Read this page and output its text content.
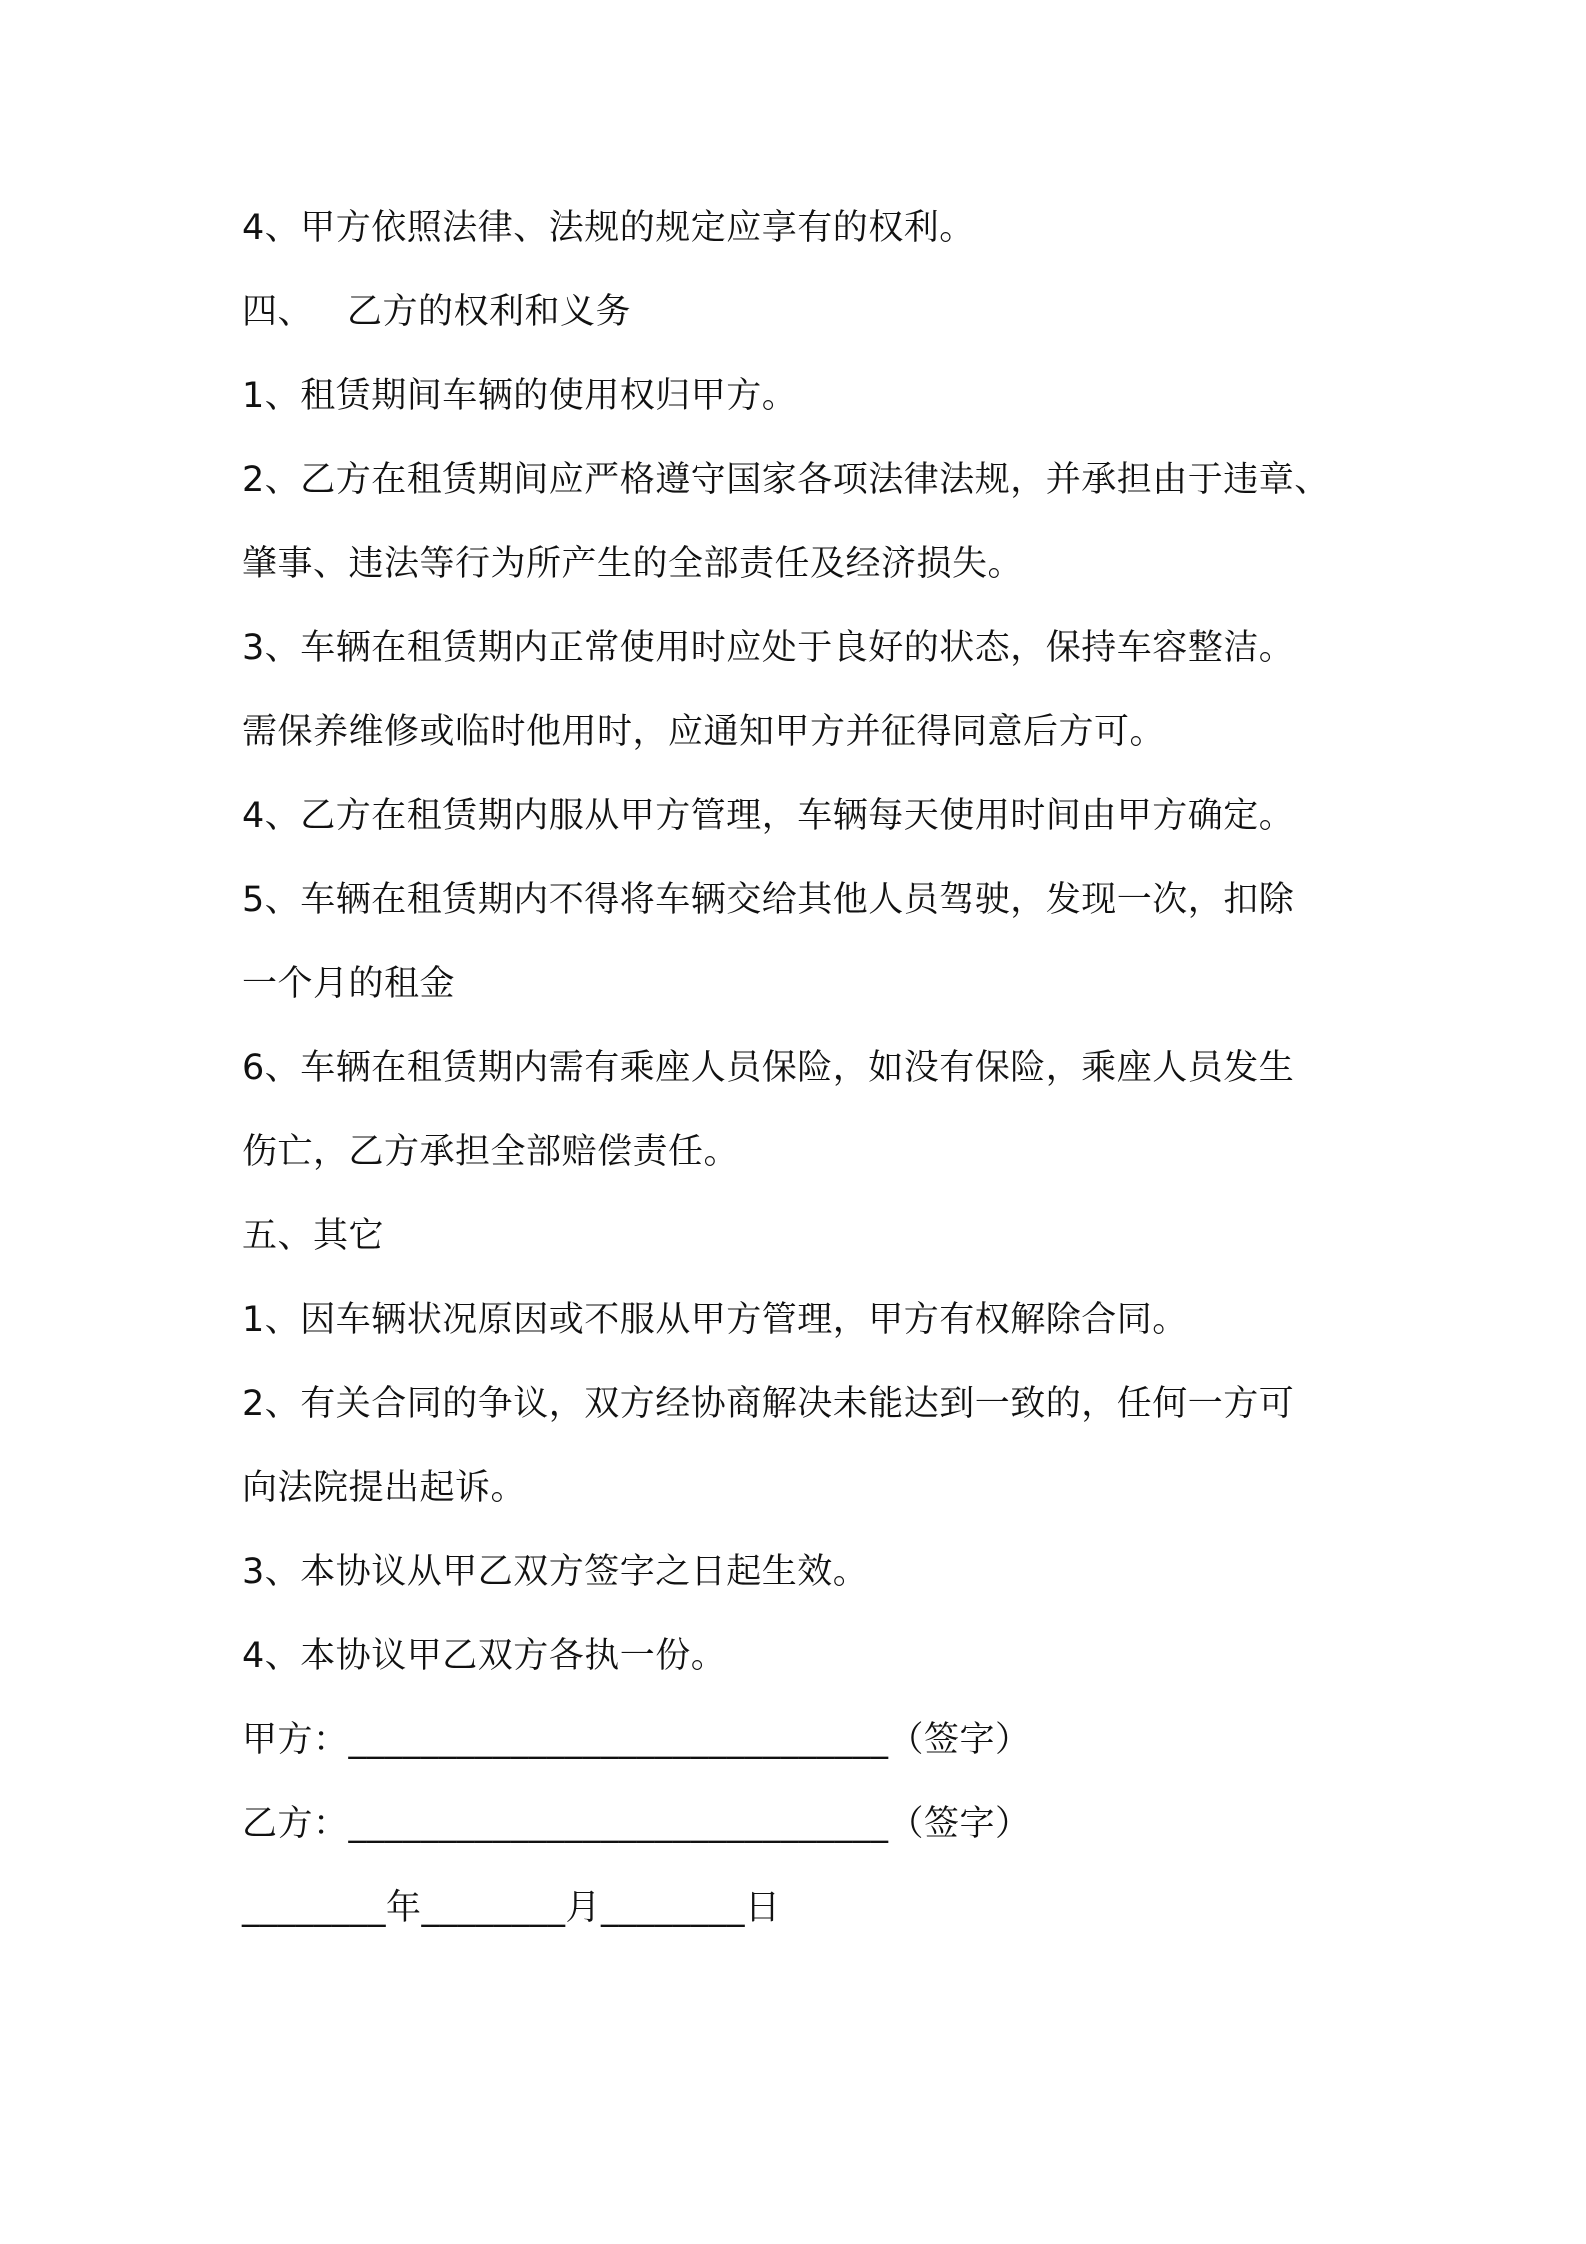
4、甲方依照法律、法规的规定应享有的权利。
四、 乙方的权利和义务
1、租赁期间车辆的使用权归甲方。
2、乙方在租赁期间应严格遵守国家各项法律法规，并承担由于违章、
肇事、违法等行为所产生的全部责任及经济损失。
3、车辆在租赁期内正常使用时应处于良好的状态，保持车容整洁。
需保养维修或临时他用时，应通知甲方并征得同意后方可。
4、乙方在租赁期内服从甲方管理，车辆每天使用时间由甲方确定。
5、车辆在租赁期内不得将车辆交给其他人员驾驶，发现一次，扣除
一个月的租金
6、车辆在租赁期内需有乘座人员保险，如没有保险，乘座人员发生
伤亡，乙方承担全部赔偿责任。
五、其它
1、因车辆状况原因或不服从甲方管理，甲方有权解除合同。
2、有关合同的争议，双方经协商解决未能达到一致的，任何一方可
向法院提出起诉。
3、本协议从甲乙双方签字之日起生效。
4、本协议甲乙双方各执一份。
甲方：______________________________（签字）
乙方：______________________________（签字）
________年________月________日
